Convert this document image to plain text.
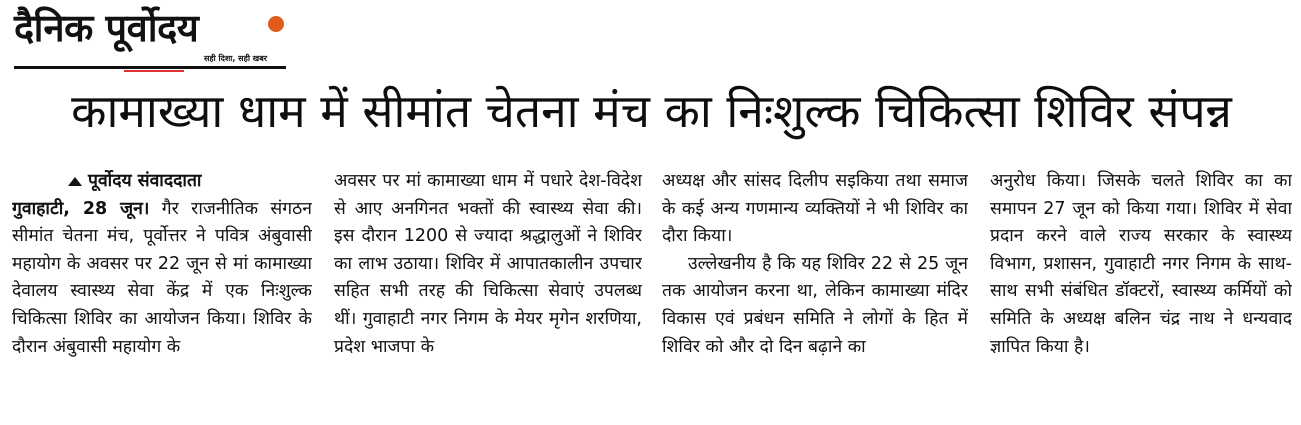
दैनिक पूर्वोदय
सही दिशा, सही खबर
कामाख्या धाम में सीमांत चेतना मंच का निःशुल्क चिकित्सा शिविर संपन्न
पूर्वोदय संवाददाता

गुवाहाटी, 28 जून। गैर राजनीतिक संगठन सीमांत चेतना मंच, पूर्वोत्तर ने पवित्र अंबुवासी महायोग के अवसर पर 22 जून से मां कामाख्या देवालय स्वास्थ्य सेवा केंद्र में एक निःशुल्क चिकित्सा शिविर का आयोजन किया। शिविर के दौरान अंबुवासी महायोग के

अवसर पर मां कामाख्या धाम में पधारे देश-विदेश से आए अनगिनत भक्तों की स्वास्थ्य सेवा की। इस दौरान 1200 से ज्यादा श्रद्धालुओं ने शिविर का लाभ उठाया। शिविर में आपातकालीन उपचार सहित सभी तरह की चिकित्सा सेवाएं उपलब्ध थीं। गुवाहाटी नगर निगम के मेयर मृगेन शरणिया, प्रदेश भाजपा के

अध्यक्ष और सांसद दिलीप सइकिया तथा समाज के कई अन्य गणमान्य व्यक्तियों ने भी शिविर का दौरा किया।

उल्लेखनीय है कि यह शिविर 22 से 25 जून तक आयोजन करना था, लेकिन कामाख्या मंदिर विकास एवं प्रबंधन समिति ने लोगों के हित में शिविर को और दो दिन बढ़ाने का

अनुरोध किया। जिसके चलते शिविर का का समापन 27 जून को किया गया। शिविर में सेवा प्रदान करने वाले राज्य सरकार के स्वास्थ्य विभाग, प्रशासन, गुवाहाटी नगर निगम के साथ-साथ सभी संबंधित डॉक्टरों, स्वास्थ्य कर्मियों को समिति के अध्यक्ष बलिन चंद्र नाथ ने धन्यवाद ज्ञापित किया है।
